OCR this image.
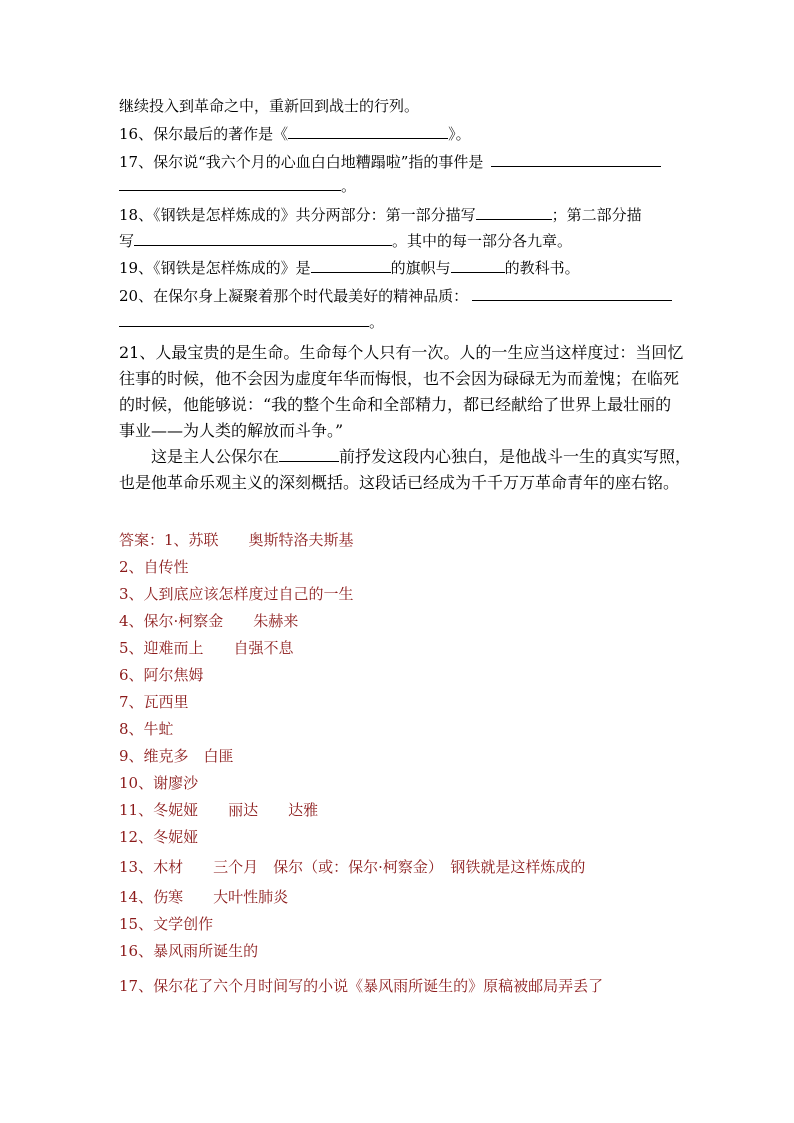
继续投入到革命之中，重新回到战士的行列。
16、保尔最后的著作是《	》。
17、保尔说“我六个月的心血白白地糟蹋啦”指的事件是
。
18、《钢铁是怎样炼成的》共分两部分：第一部分描写	；第二部分描
写	。其中的每一部分各九章。
19、《钢铁是怎样炼成的》是	的旗帜与	的教科书。
20、在保尔身上凝聚着那个时代最美好的精神品质：
。
21、人最宝贵的是生命。生命每个人只有一次。人的一生应当这样度过：当回忆
往事的时候，他不会因为虚度年华而悔恨，也不会因为碌碌无为而羞愧；在临死
的时候，他能够说：“我的整个生命和全部精力，都已经献给了世界上最壮丽的
事业——为人类的解放而斗争。”
这是主人公保尔在	前抒发这段内心独白，是他战斗一生的真实写照，
也是他革命乐观主义的深刻概括。这段话已经成为千千万万革命青年的座右铭。
答案：1、苏联　　奥斯特洛夫斯基
2、自传性
3、人到底应该怎样度过自己的一生
4、保尔·柯察金　　朱赫来
5、迎难而上　　自强不息
6、阿尔焦姆
7、瓦西里
8、牛虻
9、维克多　白匪
10、谢廖沙
11、冬妮娅　　丽达　　达雅
12、冬妮娅
13、木材　　三个月　保尔（或：保尔·柯察金）　钢铁就是这样炼成的
14、伤寒　　大叶性肺炎
15、文学创作
16、暴风雨所诞生的
17、保尔花了六个月时间写的小说《暴风雨所诞生的》原稿被邮局弄丢了
